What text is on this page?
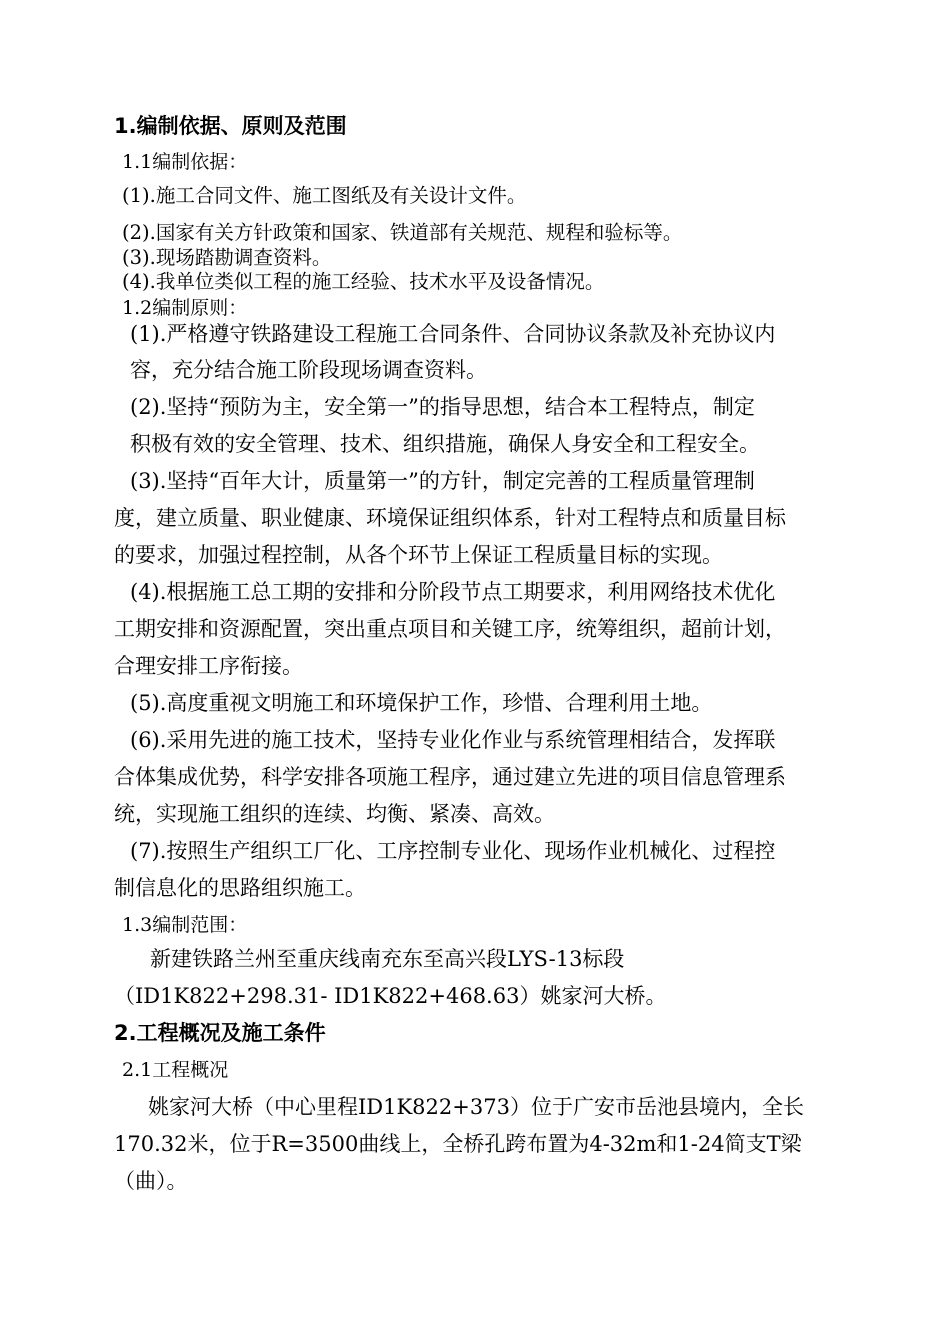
1.编制依据、原则及范围
1.1编制依据：
(1).施工合同文件、施工图纸及有关设计文件。
(2).国家有关方针政策和国家、铁道部有关规范、规程和验标等。
(3).现场踏勘调查资料。
(4).我单位类似工程的施工经验、技术水平及设备情况。
1.2编制原则：
(1).严格遵守铁路建设工程施工合同条件、合同协议条款及补充协议内
容，充分结合施工阶段现场调查资料。
(2).坚持“预防为主，安全第一”的指导思想，结合本工程特点，制定
积极有效的安全管理、技术、组织措施，确保人身安全和工程安全。
(3).坚持“百年大计，质量第一”的方针，制定完善的工程质量管理制
度，建立质量、职业健康、环境保证组织体系，针对工程特点和质量目标
的要求，加强过程控制，从各个环节上保证工程质量目标的实现。
(4).根据施工总工期的安排和分阶段节点工期要求，利用网络技术优化
工期安排和资源配置，突出重点项目和关键工序，统筹组织，超前计划，
合理安排工序衔接。
(5).高度重视文明施工和环境保护工作，珍惜、合理利用土地。
(6).采用先进的施工技术，坚持专业化作业与系统管理相结合，发挥联
合体集成优势，科学安排各项施工程序，通过建立先进的项目信息管理系
统，实现施工组织的连续、均衡、紧凑、高效。
(7).按照生产组织工厂化、工序控制专业化、现场作业机械化、过程控
制信息化的思路组织施工。
1.3编制范围：
新建铁路兰州至重庆线南充东至高兴段LYS-13标段
（ID1K822+298.31- ID1K822+468.63）姚家河大桥。
2.工程概况及施工条件
2.1工程概况
姚家河大桥（中心里程ID1K822+373）位于广安市岳池县境内，全长
170.32米，位于R=3500曲线上，全桥孔跨布置为4-32m和1-24简支T梁
（曲）。
